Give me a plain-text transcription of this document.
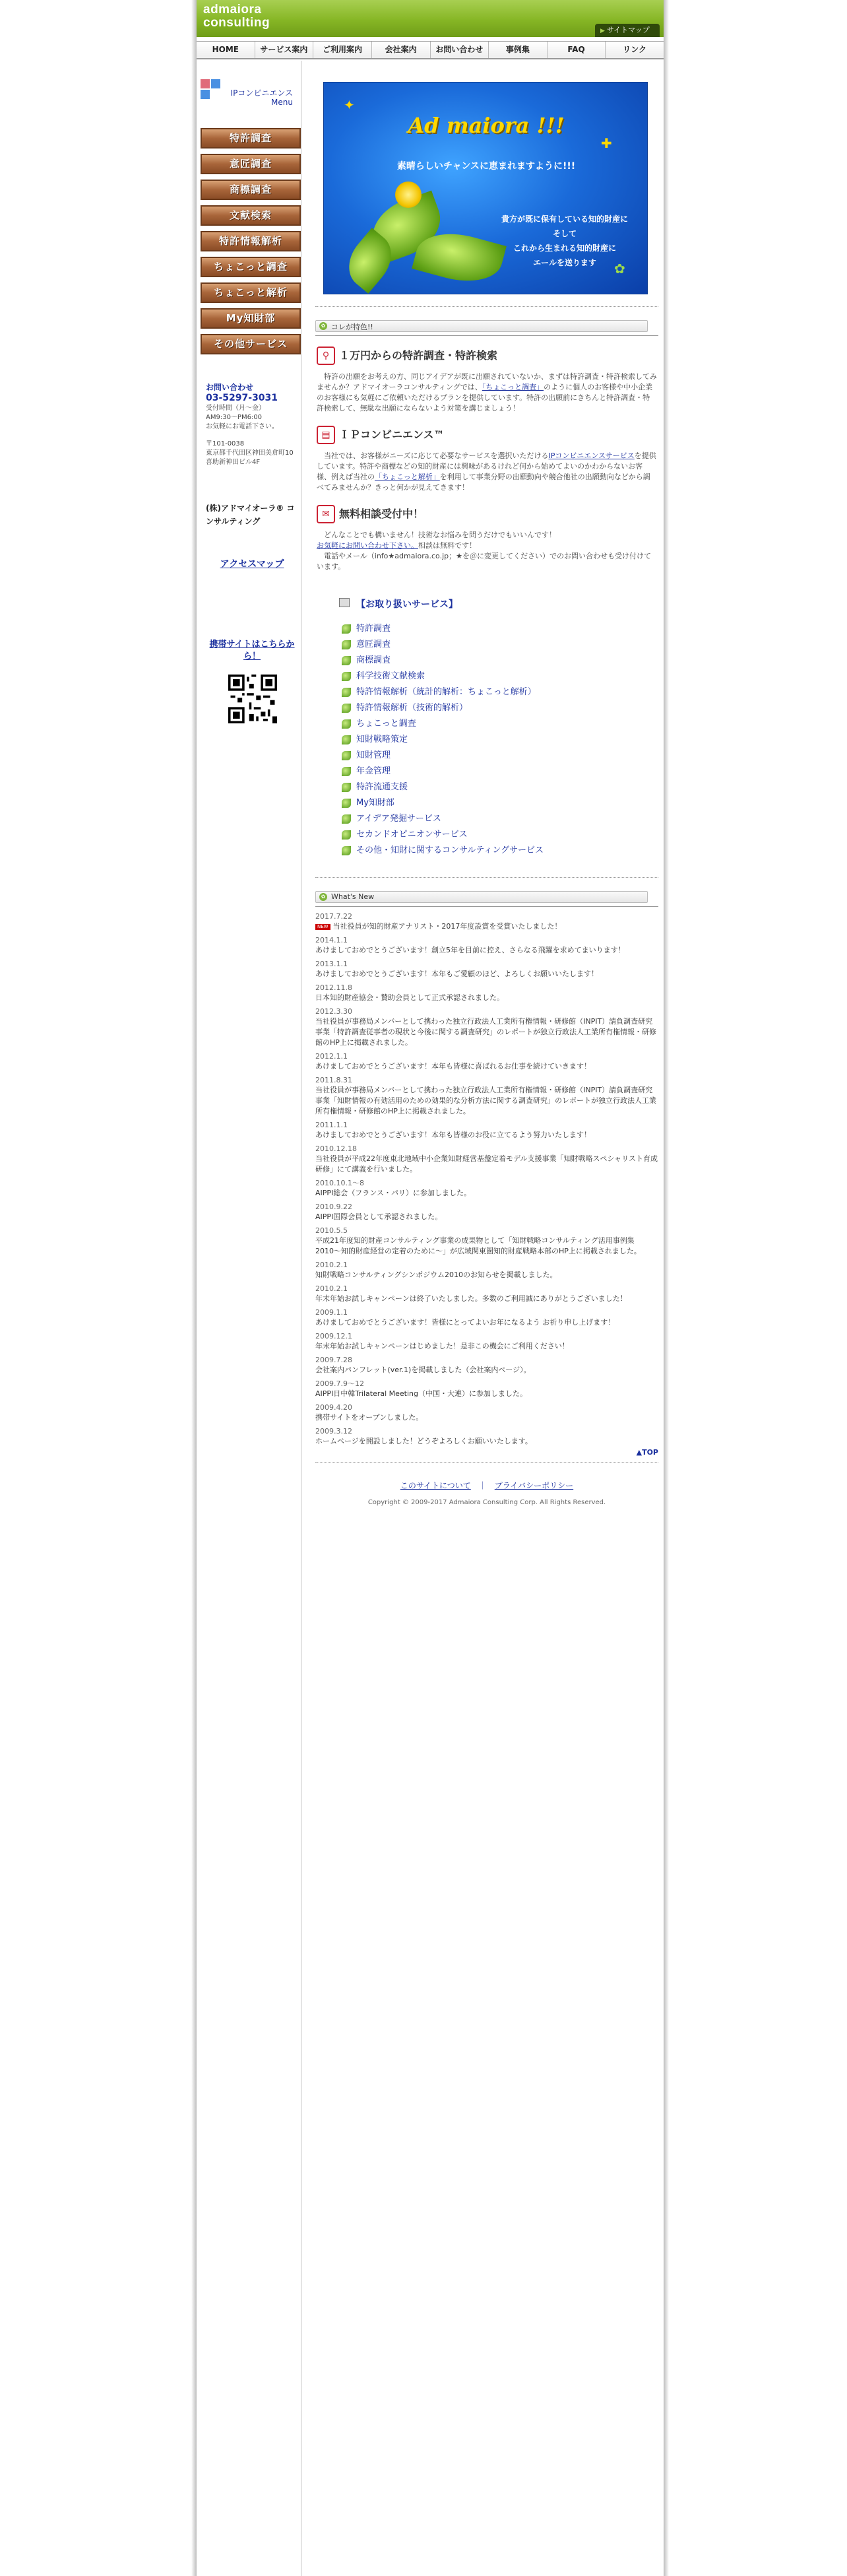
admaiora
consulting
▶ サイトマップ
HOME	サービス案内	ご利用案内	会社案内	お問い合わせ	事例集	FAQ	リンク
IPコンビニエンス
Menu
特許調査
意匠調査
商標調査
文献検索
特許情報解析
ちょこっと調査
ちょこっと解析
My知財部
その他サービス
お問い合わせ
03-5297-3031
受付時間（月〜金）
AM9:30〜PM6:00
お気軽にお電話下さい。
〒101-0038
東京都千代田区神田美倉町10
喜助新神田ビル4F
(株)アドマイオーラ® コンサルティング
アクセスマップ
携帯サイトはこちらから！
✦
✚
✿
Ad maiora !!!
素晴らしいチャンスに恵まれますように!!!
貴方が既に保有している知的財産に
そして
これから生まれる知的財産に
エールを送ります
✿ コレが特色!!
⚲ １万円からの特許調査・特許検索

　特許の出願をお考えの方、同じアイデアが既に出願されていないか、まずは特許調査・特許検索してみませんか？アドマイオーラコンサルティングでは、「ちょこっと調査」のように個人のお客様や中小企業のお客様にも気軽にご依頼いただけるプランを提供しています。特許の出願前にきちんと特許調査・特許検索して、無駄な出願にならないよう対策を講じましょう！

▤ ＩＰコンビニエンス™

　当社では、お客様がニーズに応じて必要なサービスを選択いただけるIPコンビニエンスサービスを提供しています。特許や商標などの知的財産には興味があるけれど何から始めてよいのかわからないお客様、例えば当社の「ちょこっと解析」を利用して事業分野の出願動向や競合他社の出願動向などから調べてみませんか？きっと何かが見えてきます！

✉ 無料相談受付中！

　どんなことでも構いません！技術なお悩みを問うだけでもいいんです！
お気軽にお問い合わせ下さい。相談は無料です！
　電話やメール（info★admaiora.co.jp；★を＠に変更してください）でのお問い合わせも受け付けています。

【お取り扱いサービス】
特許調査
意匠調査
商標調査
科学技術文献検索
特許情報解析（統計的解析：ちょこっと解析）
特許情報解析（技術的解析）
ちょこっと調査
知財戦略策定
知財管理
年金管理
特許流通支援
My知財部
アイデア発掘サービス
セカンドオピニオンサービス
その他・知財に関するコンサルティングサービス
✿ What's New
2017.7.22
NEW 当社役員が知的財産アナリスト・2017年度設賞を受賞いたしました！
2014.1.1
あけましておめでとうございます！創立5年を目前に控え、さらなる飛躍を求めてまいります！
2013.1.1
あけましておめでとうございます！本年もご愛顧のほど、よろしくお願いいたします！
2012.11.8
日本知的財産協会・賛助会員として正式承認されました。
2012.3.30
当社役員が事務局メンバーとして携わった独立行政法人工業所有権情報・研修館（INPIT）請負調査研究事業「特許調査従事者の現状と今後に関する調査研究」のレポートが独立行政法人工業所有権情報・研修館のHP上に掲載されました。
2012.1.1
あけましておめでとうございます！本年も皆様に喜ばれるお仕事を続けていきます！
2011.8.31
当社役員が事務局メンバーとして携わった独立行政法人工業所有権情報・研修館（INPIT）請負調査研究事業「知財情報の有効活用のための効果的な分析方法に関する調査研究」のレポートが独立行政法人工業所有権情報・研修館のHP上に掲載されました。
2011.1.1
あけましておめでとうございます！本年も皆様のお役に立てるよう努力いたします！
2010.12.18
当社役員が平成22年度東北地域中小企業知財経営基盤定着モデル支援事業「知財戦略スペシャリスト育成研修」にて講義を行いました。
2010.10.1〜8
AIPPI総会（フランス・パリ）に参加しました。
2010.9.22
AIPPI国際会員として承認されました。
2010.5.5
平成21年度知的財産コンサルティング事業の成果物として「知財戦略コンサルティング活用事例集2010〜知的財産経営の定着のために〜」が広域関東圏知的財産戦略本部のHP上に掲載されました。
2010.2.1
知財戦略コンサルティングシンポジウム2010のお知らせを掲載しました。
2010.2.1
年末年始お試しキャンペーンは終了いたしました。多数のご利用誠にありがとうございました！
2009.1.1
あけましておめでとうございます！皆様にとってよいお年になるよう お祈り申し上げます！
2009.12.1
年末年始お試しキャンペーンはじめました！是非この機会にご利用ください！
2009.7.28
会社案内パンフレット(ver.1)を掲載しました（会社案内ページ）。
2009.7.9〜12
AIPPI日中韓Trilateral Meeting（中国・大連）に参加しました。
2009.4.20
携帯サイトをオープンしました。
2009.3.12
ホームページを開設しました！どうぞよろしくお願いいたします。
▲TOP
このサイトについて ｜ プライバシーポリシー
Copyright © 2009-2017 Admaiora Consulting Corp. All Rights Reserved.
